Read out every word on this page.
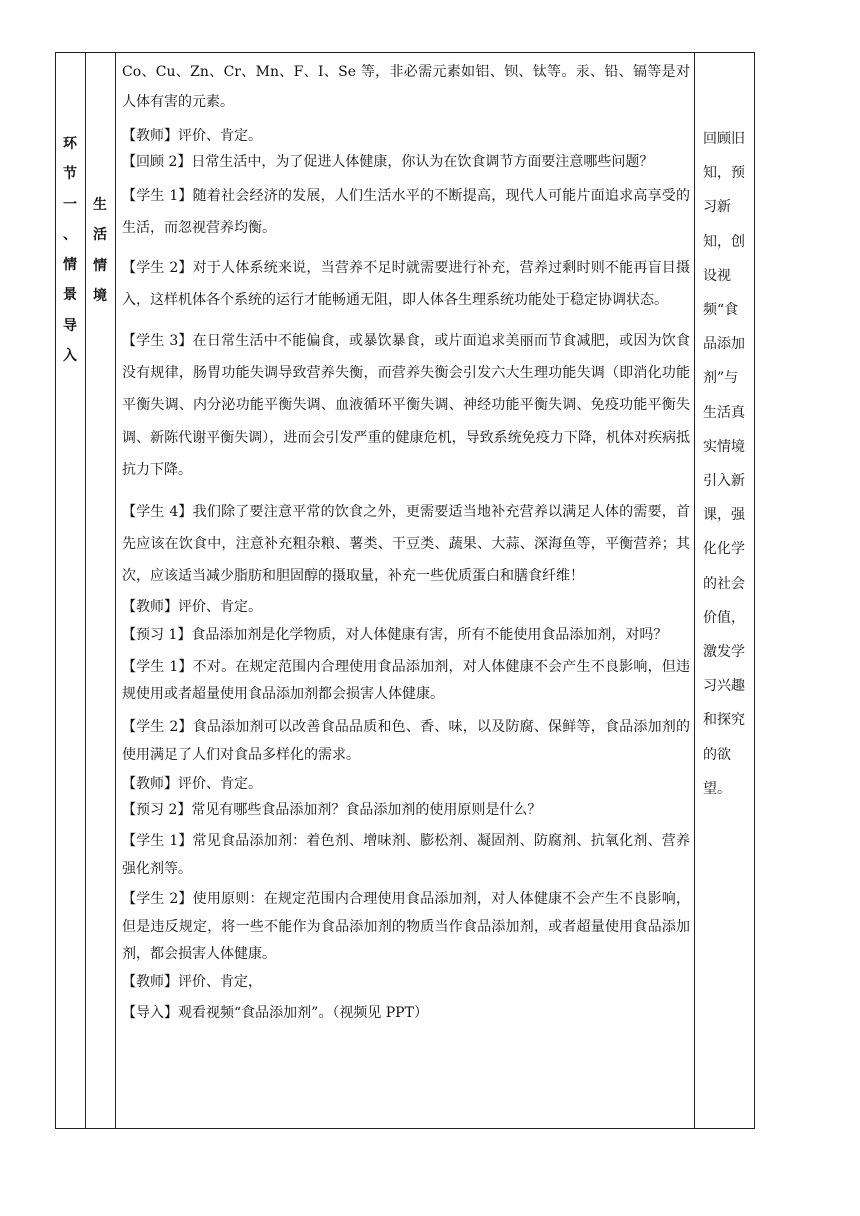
环
节
一
、
情
景
导
入
生
活
情
境

Co、Cu、Zn、Cr、Mn、F、I、Se 等，非必需元素如铝、钡、钛等。汞、铅、镉等是对人体有害的元素。

【教师】评价、肯定。

【回顾 2】日常生活中，为了促进人体健康，你认为在饮食调节方面要注意哪些问题？

【学生 1】随着社会经济的发展，人们生活水平的不断提高，现代人可能片面追求高享受的生活，而忽视营养均衡。

【学生 2】对于人体系统来说，当营养不足时就需要进行补充，营养过剩时则不能再盲目摄入，这样机体各个系统的运行才能畅通无阻，即人体各生理系统功能处于稳定协调状态。

【学生 3】在日常生活中不能偏食，或暴饮暴食，或片面追求美丽而节食减肥，或因为饮食没有规律，肠胃功能失调导致营养失衡，而营养失衡会引发六大生理功能失调（即消化功能平衡失调、内分泌功能平衡失调、血液循环平衡失调、神经功能平衡失调、免疫功能平衡失调、新陈代谢平衡失调），进而会引发严重的健康危机，导致系统免疫力下降，机体对疾病抵抗力下降。

【学生 4】我们除了要注意平常的饮食之外，更需要适当地补充营养以满足人体的需要，首先应该在饮食中，注意补充粗杂粮、薯类、干豆类、蔬果、大蒜、深海鱼等，平衡营养；其次，应该适当减少脂肪和胆固醇的摄取量，补充一些优质蛋白和膳食纤维！

【教师】评价、肯定。

【预习 1】食品添加剂是化学物质，对人体健康有害，所有不能使用食品添加剂，对吗？

【学生 1】不对。在规定范围内合理使用食品添加剂，对人体健康不会产生不良影响，但违规使用或者超量使用食品添加剂都会损害人体健康。

【学生 2】食品添加剂可以改善食品品质和色、香、味，以及防腐、保鲜等，食品添加剂的使用满足了人们对食品多样化的需求。

【教师】评价、肯定。

【预习 2】常见有哪些食品添加剂？食品添加剂的使用原则是什么？

【学生 1】常见食品添加剂：着色剂、增味剂、膨松剂、凝固剂、防腐剂、抗氧化剂、营养强化剂等。

【学生 2】使用原则：在规定范围内合理使用食品添加剂，对人体健康不会产生不良影响，但是违反规定，将一些不能作为食品添加剂的物质当作食品添加剂，或者超量使用食品添加剂，都会损害人体健康。

【教师】评价、肯定，

【导入】观看视频“食品添加剂”。（视频见 PPT）

回顾旧知，预习新知，创设视频“食品添加剂”与生活真实情境引入新课，强化化学的社会价值，激发学习兴趣和探究的欲望。
